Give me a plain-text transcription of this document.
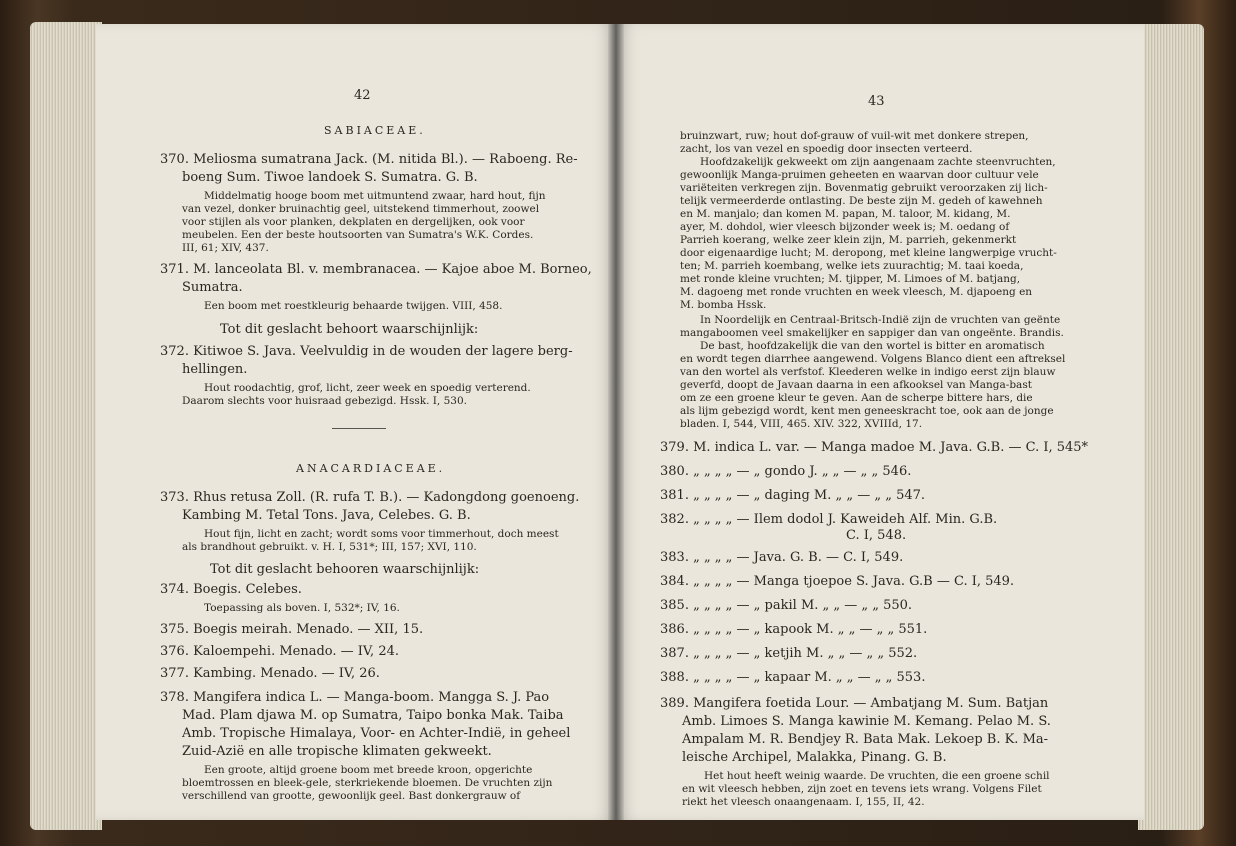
42
SABIACEAE.
370. Meliosma sumatrana Jack. (M. nitida Bl.). — Raboeng. Re-
boeng Sum. Tiwoe landoek S. Sumatra. G. B.
Middelmatig hooge boom met uitmuntend zwaar, hard hout, fijn
van vezel, donker bruinachtig geel, uitstekend timmerhout, zoowel
voor stijlen als voor planken, dekplaten en dergelijken, ook voor
meubelen. Een der beste houtsoorten van Sumatra's W.K. Cordes.
III, 61; XIV, 437.
371. M. lanceolata Bl. v. membranacea. — Kajoe aboe M. Borneo,
Sumatra.
Een boom met roestkleurig behaarde twijgen. VIII, 458.
Tot dit geslacht behoort waarschijnlijk:
372. Kitiwoe S. Java. Veelvuldig in de wouden der lagere berg-
hellingen.
Hout roodachtig, grof, licht, zeer week en spoedig verterend.
Daarom slechts voor huisraad gebezigd. Hssk. I, 530.
ANACARDIACEAE.
373. Rhus retusa Zoll. (R. rufa T. B.). — Kadongdong goenoeng.
Kambing M. Tetal Tons. Java, Celebes. G. B.
Hout fijn, licht en zacht; wordt soms voor timmerhout, doch meest
als brandhout gebruikt. v. H. I, 531*; III, 157; XVI, 110.
Tot dit geslacht behooren waarschijnlijk:
374. Boegis. Celebes.
Toepassing als boven. I, 532*; IV, 16.
375. Boegis meirah. Menado. — XII, 15.
376. Kaloempehi. Menado. — IV, 24.
377. Kambing. Menado. — IV, 26.
378. Mangifera indica L. — Manga-boom. Mangga S. J. Pao
Mad. Plam djawa M. op Sumatra, Taipo bonka Mak. Taiba
Amb. Tropische Himalaya, Voor- en Achter-Indië, in geheel
Zuid-Azië en alle tropische klimaten gekweekt.
Een groote, altijd groene boom met breede kroon, opgerichte
bloemtrossen en bleek-gele, sterkriekende bloemen. De vruchten zijn
verschillend van grootte, gewoonlijk geel. Bast donkergrauw of
43
bruinzwart, ruw; hout dof-grauw of vuil-wit met donkere strepen,
zacht, los van vezel en spoedig door insecten verteerd.
Hoofdzakelijk gekweekt om zijn aangenaam zachte steenvruchten,
gewoonlijk Manga-pruimen geheeten en waarvan door cultuur vele
variëteiten verkregen zijn. Bovenmatig gebruikt veroorzaken zij lich-
telijk vermeerderde ontlasting. De beste zijn M. gedeh of kawehneh
en M. manjalo; dan komen M. papan, M. taloor, M. kidang, M.
ayer, M. dohdol, wier vleesch bijzonder week is; M. oedang of
Parrieh koerang, welke zeer klein zijn, M. parrieh, gekenmerkt
door eigenaardige lucht; M. deropong, met kleine langwerpige vrucht-
ten; M. parrieh koembang, welke iets zuurachtig; M. taai koeda,
met ronde kleine vruchten; M. tjipper, M. Limoes of M. batjang,
M. dagoeng met ronde vruchten en week vleesch, M. djapoeng en
M. bomba Hssk.
In Noordelijk en Centraal-Britsch-Indië zijn de vruchten van geënte
mangaboomen veel smakelijker en sappiger dan van ongeënte. Brandis.
De bast, hoofdzakelijk die van den wortel is bitter en aromatisch
en wordt tegen diarrhee aangewend. Volgens Blanco dient een aftreksel
van den wortel als verfstof. Kleederen welke in indigo eerst zijn blauw
geverfd, doopt de Javaan daarna in een afkooksel van Manga-bast
om ze een groene kleur te geven. Aan de scherpe bittere hars, die
als lijm gebezigd wordt, kent men geneeskracht toe, ook aan de jonge
bladen. I, 544, VIII, 465. XIV. 322, XVIIId, 17.
379. M. indica L. var. — Manga madoe M. Java. G.B. — C. I, 545*
380. „ „ „ „ — „ gondo J. „ „ — „ „ 546.
381. „ „ „ „ — „ daging M. „ „ — „ „ 547.
382. „ „ „ „ — Ilem dodol J. Kaweideh Alf. Min. G.B.
C. I, 548.
383. „ „ „ „ — Java. G. B. — C. I, 549.
384. „ „ „ „ — Manga tjoepoe S. Java. G.B — C. I, 549.
385. „ „ „ „ — „ pakil M. „ „ — „ „ 550.
386. „ „ „ „ — „ kapook M. „ „ — „ „ 551.
387. „ „ „ „ — „ ketjih M. „ „ — „ „ 552.
388. „ „ „ „ — „ kapaar M. „ „ — „ „ 553.
389. Mangifera foetida Lour. — Ambatjang M. Sum. Batjan
Amb. Limoes S. Manga kawinie M. Kemang. Pelao M. S.
Ampalam M. R. Bendjey R. Bata Mak. Lekoep B. K. Ma-
leische Archipel, Malakka, Pinang. G. B.
Het hout heeft weinig waarde. De vruchten, die een groene schil
en wit vleesch hebben, zijn zoet en tevens iets wrang. Volgens Filet
riekt het vleesch onaangenaam. I, 155, II, 42.
